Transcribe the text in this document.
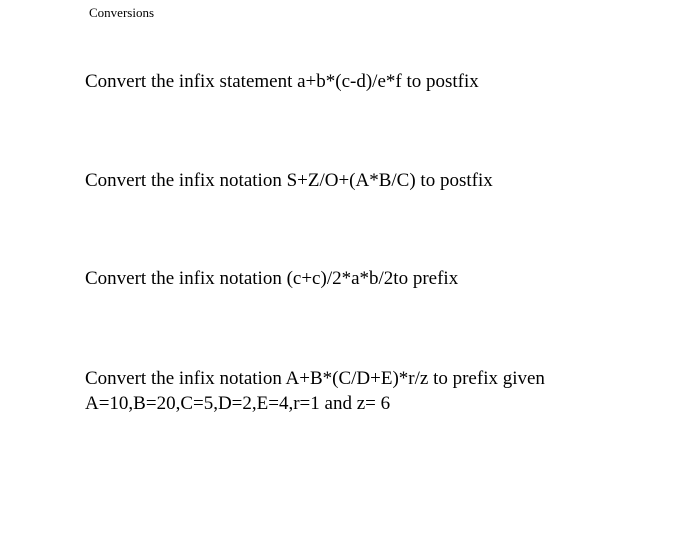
Conversions
Convert the infix statement a+b*(c-d)/e*f to postfix
Convert the infix notation S+Z/O+(A*B/C) to postfix
Convert the infix notation (c+c)/2*a*b/2to prefix
Convert the infix notation A+B*(C/D+E)*r/z to prefix given
A=10,B=20,C=5,D=2,E=4,r=1 and z= 6
